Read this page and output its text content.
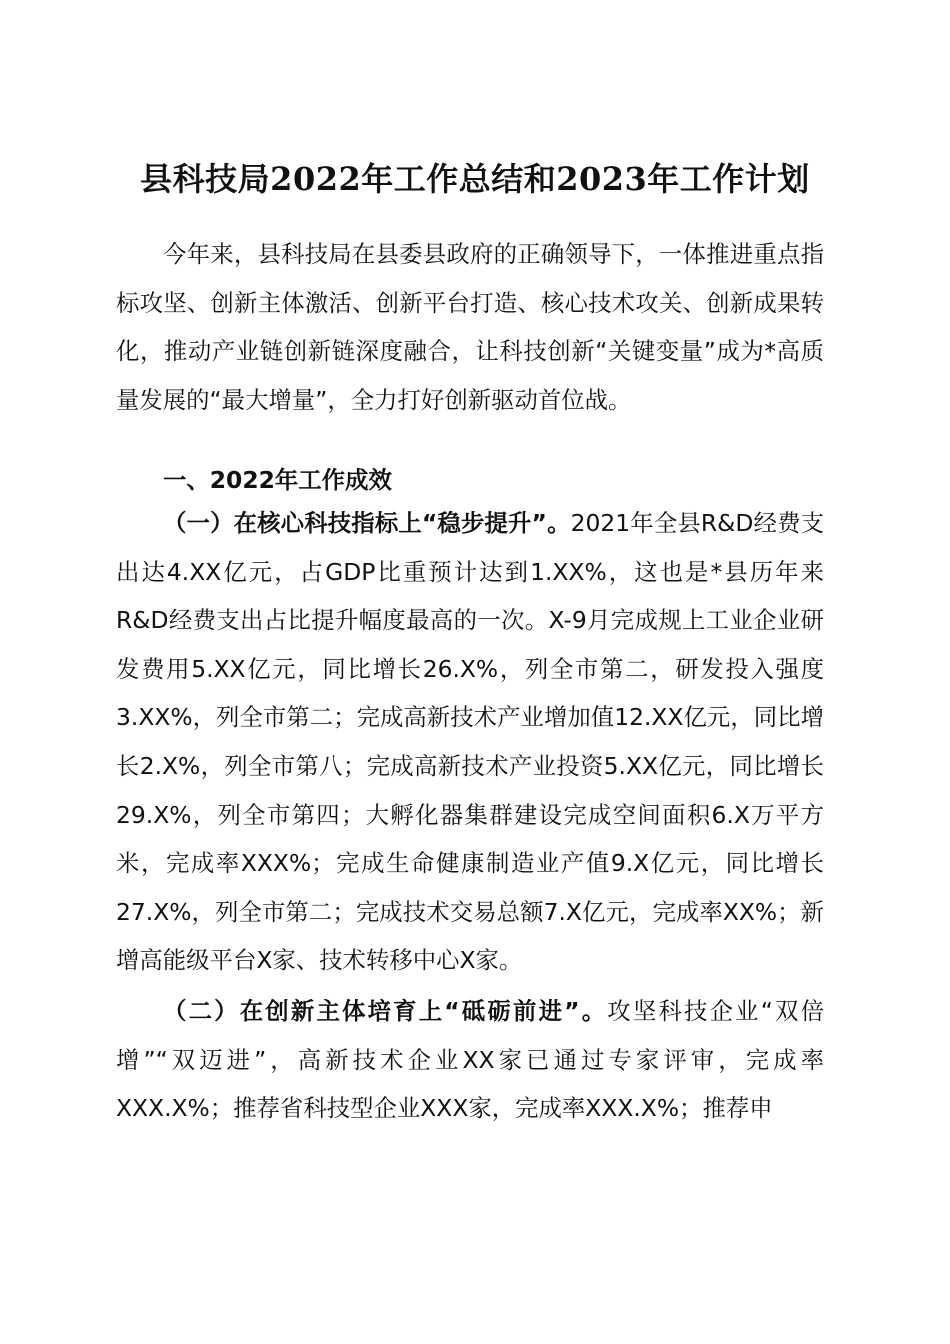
县科技局2022年工作总结和2023年工作计划

今年来，县科技局在县委县政府的正确领导下，一体推进重点指标攻坚、创新主体激活、创新平台打造、核心技术攻关、创新成果转化，推动产业链创新链深度融合，让科技创新“关键变量”成为*高质量发展的“最大增量”，全力打好创新驱动首位战。

一、2022年工作成效

（一）在核心科技指标上“稳步提升”。2021年全县R&D经费支出达4.XX亿元，占GDP比重预计达到1.XX%，这也是*县历年来R&D经费支出占比提升幅度最高的一次。X-9月完成规上工业企业研发费用5.XX亿元，同比增长26.X%，列全市第二，研发投入强度3.XX%，列全市第二；完成高新技术产业增加值12.XX亿元，同比增长2.X%，列全市第八；完成高新技术产业投资5.XX亿元，同比增长29.X%，列全市第四；大孵化器集群建设完成空间面积6.X万平方米，完成率XXX%；完成生命健康制造业产值9.X亿元，同比增长27.X%，列全市第二；完成技术交易总额7.X亿元，完成率XX%；新增高能级平台X家、技术转移中心X家。

（二）在创新主体培育上“砥砺前进”。攻坚科技企业“双倍增”“双迈进”，高新技术企业XX家已通过专家评审，完成率XXX.X%；推荐省科技型企业XXX家，完成率XXX.X%；推荐申
